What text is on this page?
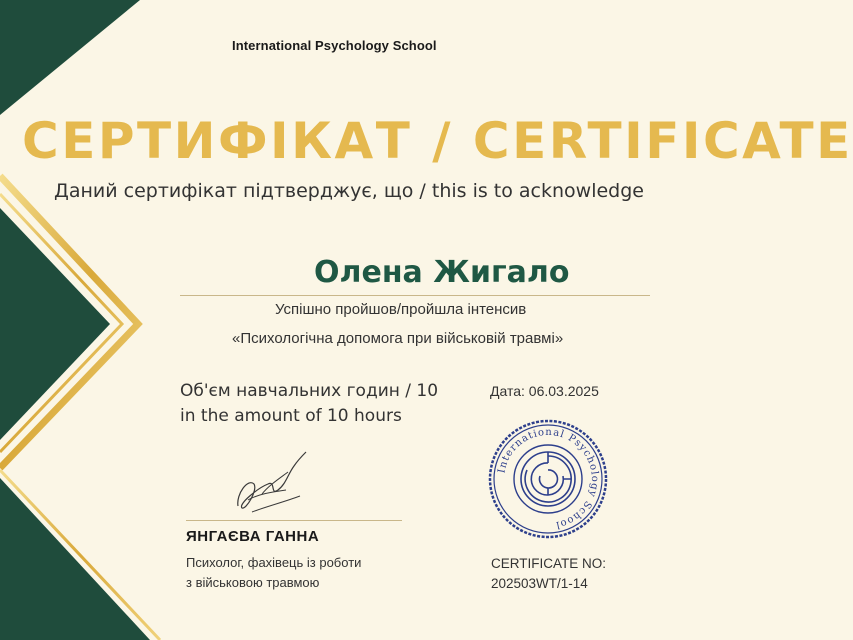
International Psychology School
СЕРТИФІКАТ / CERTIFICATE
Даний сертифікат підтверджує, що / this is to acknowledge
Олена Жигало
Успішно пройшов/пройшла інтенсив
«Психологічна допомога при військовій травмі»
Об'єм навчальних годин / 10
in the amount of 10 hours
Дата: 06.03.2025
ЯНГАЄВА ГАННА
Психолог, фахівець із роботи
з військовою травмою
International Psychology School
CERTIFICATE NO:
202503WT/1-14
